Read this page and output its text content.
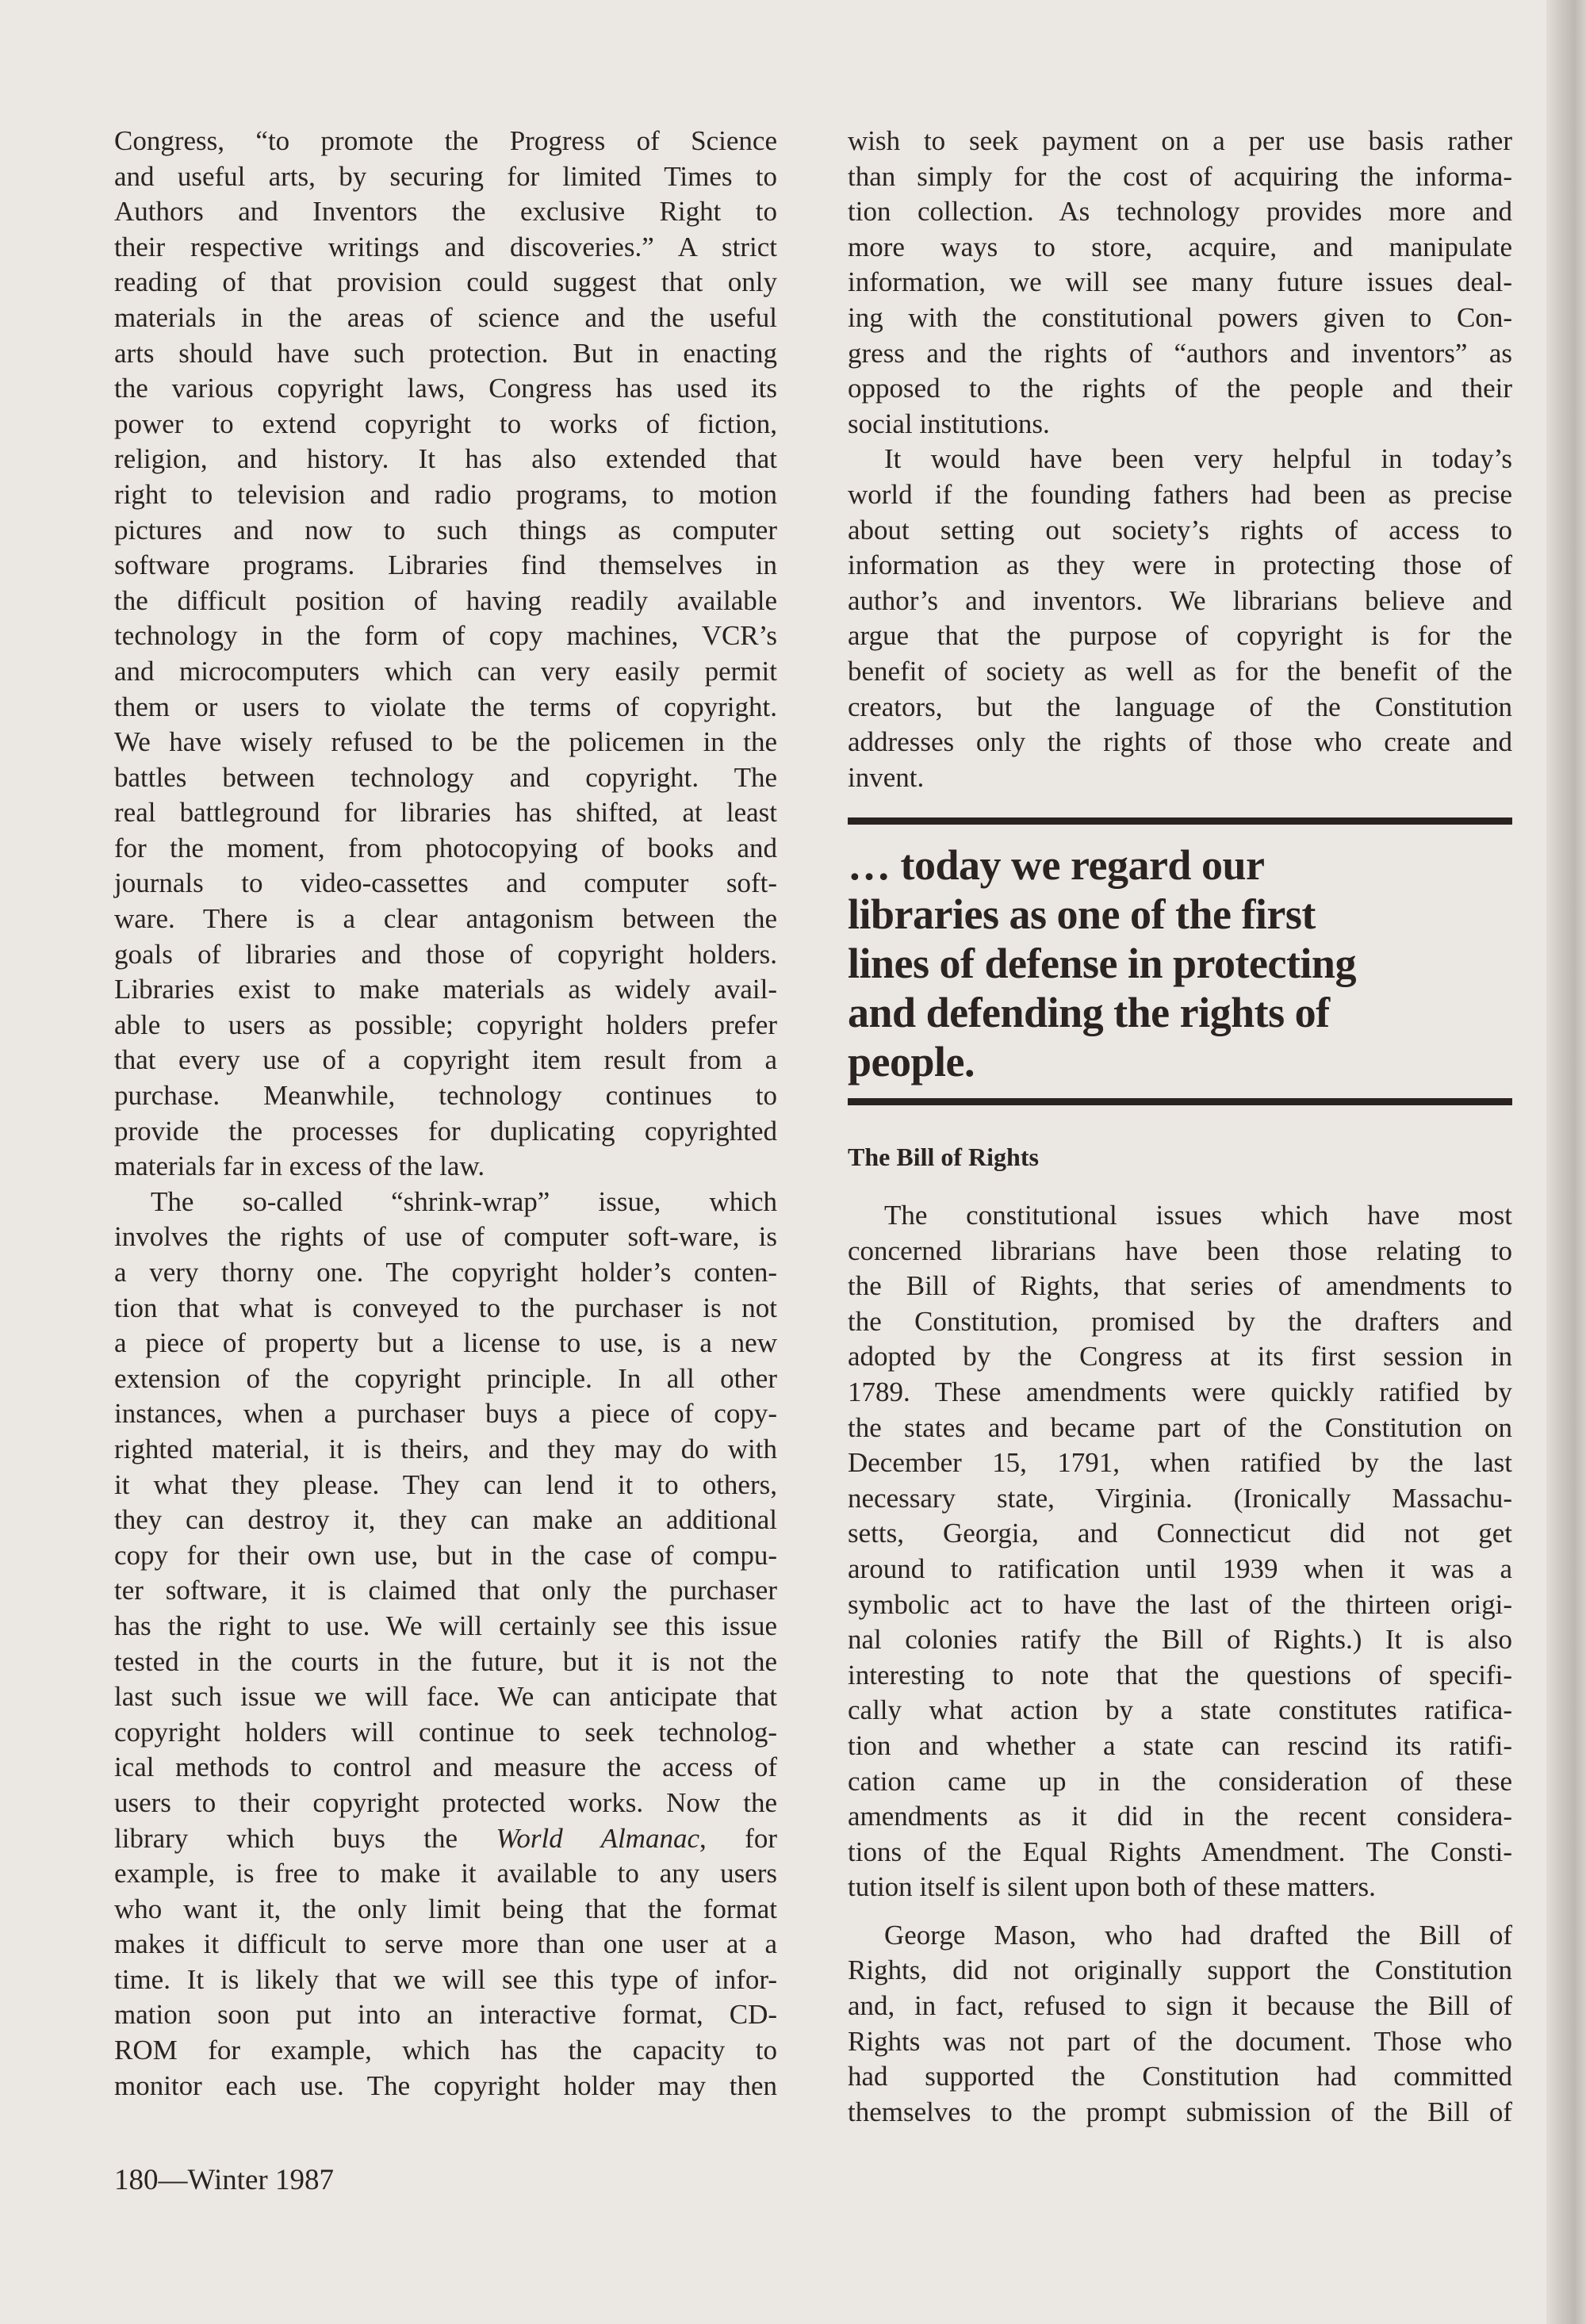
Congress, “to promote the Progress of Science
and useful arts, by securing for limited Times to
Authors and Inventors the exclusive Right to
their respective writings and discoveries.” A strict
reading of that provision could suggest that only
materials in the areas of science and the useful
arts should have such protection. But in enacting
the various copyright laws, Congress has used its
power to extend copyright to works of fiction,
religion, and history. It has also extended that
right to television and radio programs, to motion
pictures and now to such things as computer
software programs. Libraries find themselves in
the difficult position of having readily available
technology in the form of copy machines, VCR’s
and microcomputers which can very easily permit
them or users to violate the terms of copyright.
We have wisely refused to be the policemen in the
battles between technology and copyright. The
real battleground for libraries has shifted, at least
for the moment, from photocopying of books and
journals to video-cassettes and computer soft-
ware. There is a clear antagonism between the
goals of libraries and those of copyright holders.
Libraries exist to make materials as widely avail-
able to users as possible; copyright holders prefer
that every use of a copyright item result from a
purchase. Meanwhile, technology continues to
provide the processes for duplicating copyrighted
materials far in excess of the law.
The so-called “shrink-wrap” issue, which
involves the rights of use of computer soft-ware, is
a very thorny one. The copyright holder’s conten-
tion that what is conveyed to the purchaser is not
a piece of property but a license to use, is a new
extension of the copyright principle. In all other
instances, when a purchaser buys a piece of copy-
righted material, it is theirs, and they may do with
it what they please. They can lend it to others,
they can destroy it, they can make an additional
copy for their own use, but in the case of compu-
ter software, it is claimed that only the purchaser
has the right to use. We will certainly see this issue
tested in the courts in the future, but it is not the
last such issue we will face. We can anticipate that
copyright holders will continue to seek technolog-
ical methods to control and measure the access of
users to their copyright protected works. Now the
library which buys the World Almanac, for
example, is free to make it available to any users
who want it, the only limit being that the format
makes it difficult to serve more than one user at a
time. It is likely that we will see this type of infor-
mation soon put into an interactive format, CD-
ROM for example, which has the capacity to
monitor each use. The copyright holder may then
wish to seek payment on a per use basis rather
than simply for the cost of acquiring the informa-
tion collection. As technology provides more and
more ways to store, acquire, and manipulate
information, we will see many future issues deal-
ing with the constitutional powers given to Con-
gress and the rights of “authors and inventors” as
opposed to the rights of the people and their
social institutions.
It would have been very helpful in today’s
world if the founding fathers had been as precise
about setting out society’s rights of access to
information as they were in protecting those of
author’s and inventors. We librarians believe and
argue that the purpose of copyright is for the
benefit of society as well as for the benefit of the
creators, but the language of the Constitution
addresses only the rights of those who create and
invent.
… today we regard our
libraries as one of the first
lines of defense in protecting
and defending the rights of
people.
The Bill of Rights
The constitutional issues which have most
concerned librarians have been those relating to
the Bill of Rights, that series of amendments to
the Constitution, promised by the drafters and
adopted by the Congress at its first session in
1789. These amendments were quickly ratified by
the states and became part of the Constitution on
December 15, 1791, when ratified by the last
necessary state, Virginia. (Ironically Massachu-
setts, Georgia, and Connecticut did not get
around to ratification until 1939 when it was a
symbolic act to have the last of the thirteen origi-
nal colonies ratify the Bill of Rights.) It is also
interesting to note that the questions of specifi-
cally what action by a state constitutes ratifica-
tion and whether a state can rescind its ratifi-
cation came up in the consideration of these
amendments as it did in the recent considera-
tions of the Equal Rights Amendment. The Consti-
tution itself is silent upon both of these matters.
George Mason, who had drafted the Bill of
Rights, did not originally support the Constitution
and, in fact, refused to sign it because the Bill of
Rights was not part of the document. Those who
had supported the Constitution had committed
themselves to the prompt submission of the Bill of
180—Winter 1987
